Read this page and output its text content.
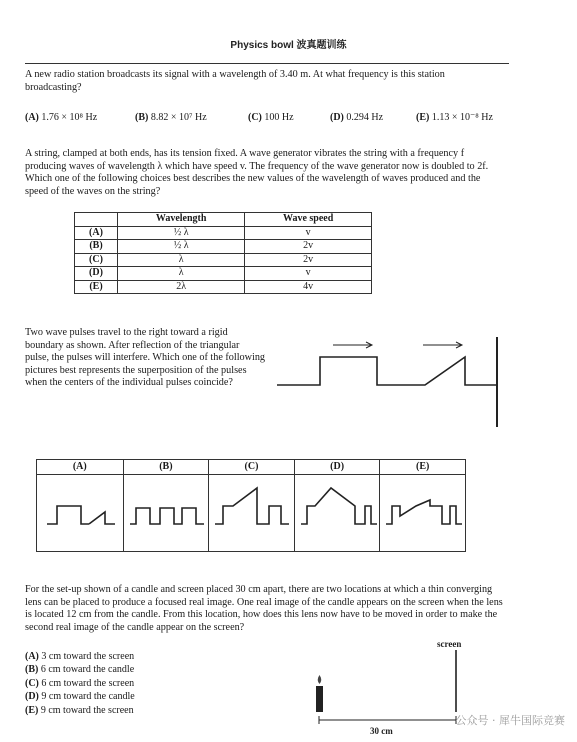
Physics bowl 波真题训练
A new radio station broadcasts its signal with a wavelength of 3.40 m. At what frequency is this station broadcasting?
(A) 1.76 × 10⁸ Hz	(B) 8.82 × 10⁷ Hz	(C) 100 Hz	(D) 0.294 Hz	(E) 1.13 × 10⁻⁸ Hz
A string, clamped at both ends, has its tension fixed. A wave generator vibrates the string with a frequency f producing waves of wavelength λ which have speed v. The frequency of the wave generator now is doubled to 2f. Which one of the following choices best describes the new values of the wavelength of waves produced and the speed of the waves on the string?
	Wavelength	Wave speed
(A)	½ λ	v
(B)	½ λ	2v
(C)	λ	2v
(D)	λ	v
(E)	2λ	4v
Two wave pulses travel to the right toward a rigid boundary as shown. After reflection of the triangular pulse, the pulses will interfere. Which one of the following pictures best represents the superposition of the pulses when the centers of the individual pulses coincide?
(A)	(B)	(C)	(D)	(E)
For the set-up shown of a candle and screen placed 30 cm apart, there are two locations at which a thin converging lens can be placed to produce a focused real image. One real image of the candle appears on the screen when the lens is located 12 cm from the candle. From this location, how does this lens now have to be moved in order to make the second real image of the candle appear on the screen?
(A) 3 cm toward the screen
(B) 6 cm toward the candle
(C) 6 cm toward the screen
(D) 9 cm toward the candle
(E) 9 cm toward the screen
screen
30 cm
公众号 · 犀牛国际竞赛
